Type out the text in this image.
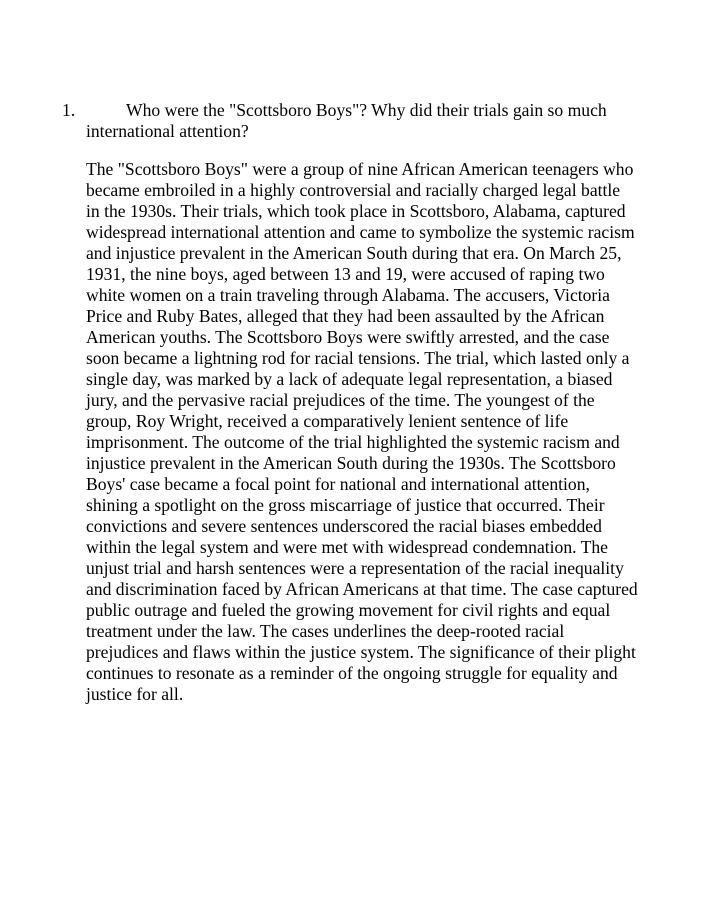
1.	Who were the "Scottsboro Boys"? Why did their trials gain so much international attention?

The "Scottsboro Boys" were a group of nine African American teenagers who became embroiled in a highly controversial and racially charged legal battle in the 1930s. Their trials, which took place in Scottsboro, Alabama, captured widespread international attention and came to symbolize the systemic racism and injustice prevalent in the American South during that era. On March 25, 1931, the nine boys, aged between 13 and 19, were accused of raping two white women on a train traveling through Alabama. The accusers, Victoria Price and Ruby Bates, alleged that they had been assaulted by the African American youths. The Scottsboro Boys were swiftly arrested, and the case soon became a lightning rod for racial tensions. The trial, which lasted only a single day, was marked by a lack of adequate legal representation, a biased jury, and the pervasive racial prejudices of the time. The youngest of the group, Roy Wright, received a comparatively lenient sentence of life imprisonment. The outcome of the trial highlighted the systemic racism and injustice prevalent in the American South during the 1930s. The Scottsboro Boys' case became a focal point for national and international attention, shining a spotlight on the gross miscarriage of justice that occurred. Their convictions and severe sentences underscored the racial biases embedded within the legal system and were met with widespread condemnation. The unjust trial and harsh sentences were a representation of the racial inequality and discrimination faced by African Americans at that time. The case captured public outrage and fueled the growing movement for civil rights and equal treatment under the law. The cases underlines the deep-rooted racial prejudices and flaws within the justice system. The significance of their plight continues to resonate as a reminder of the ongoing struggle for equality and justice for all.
